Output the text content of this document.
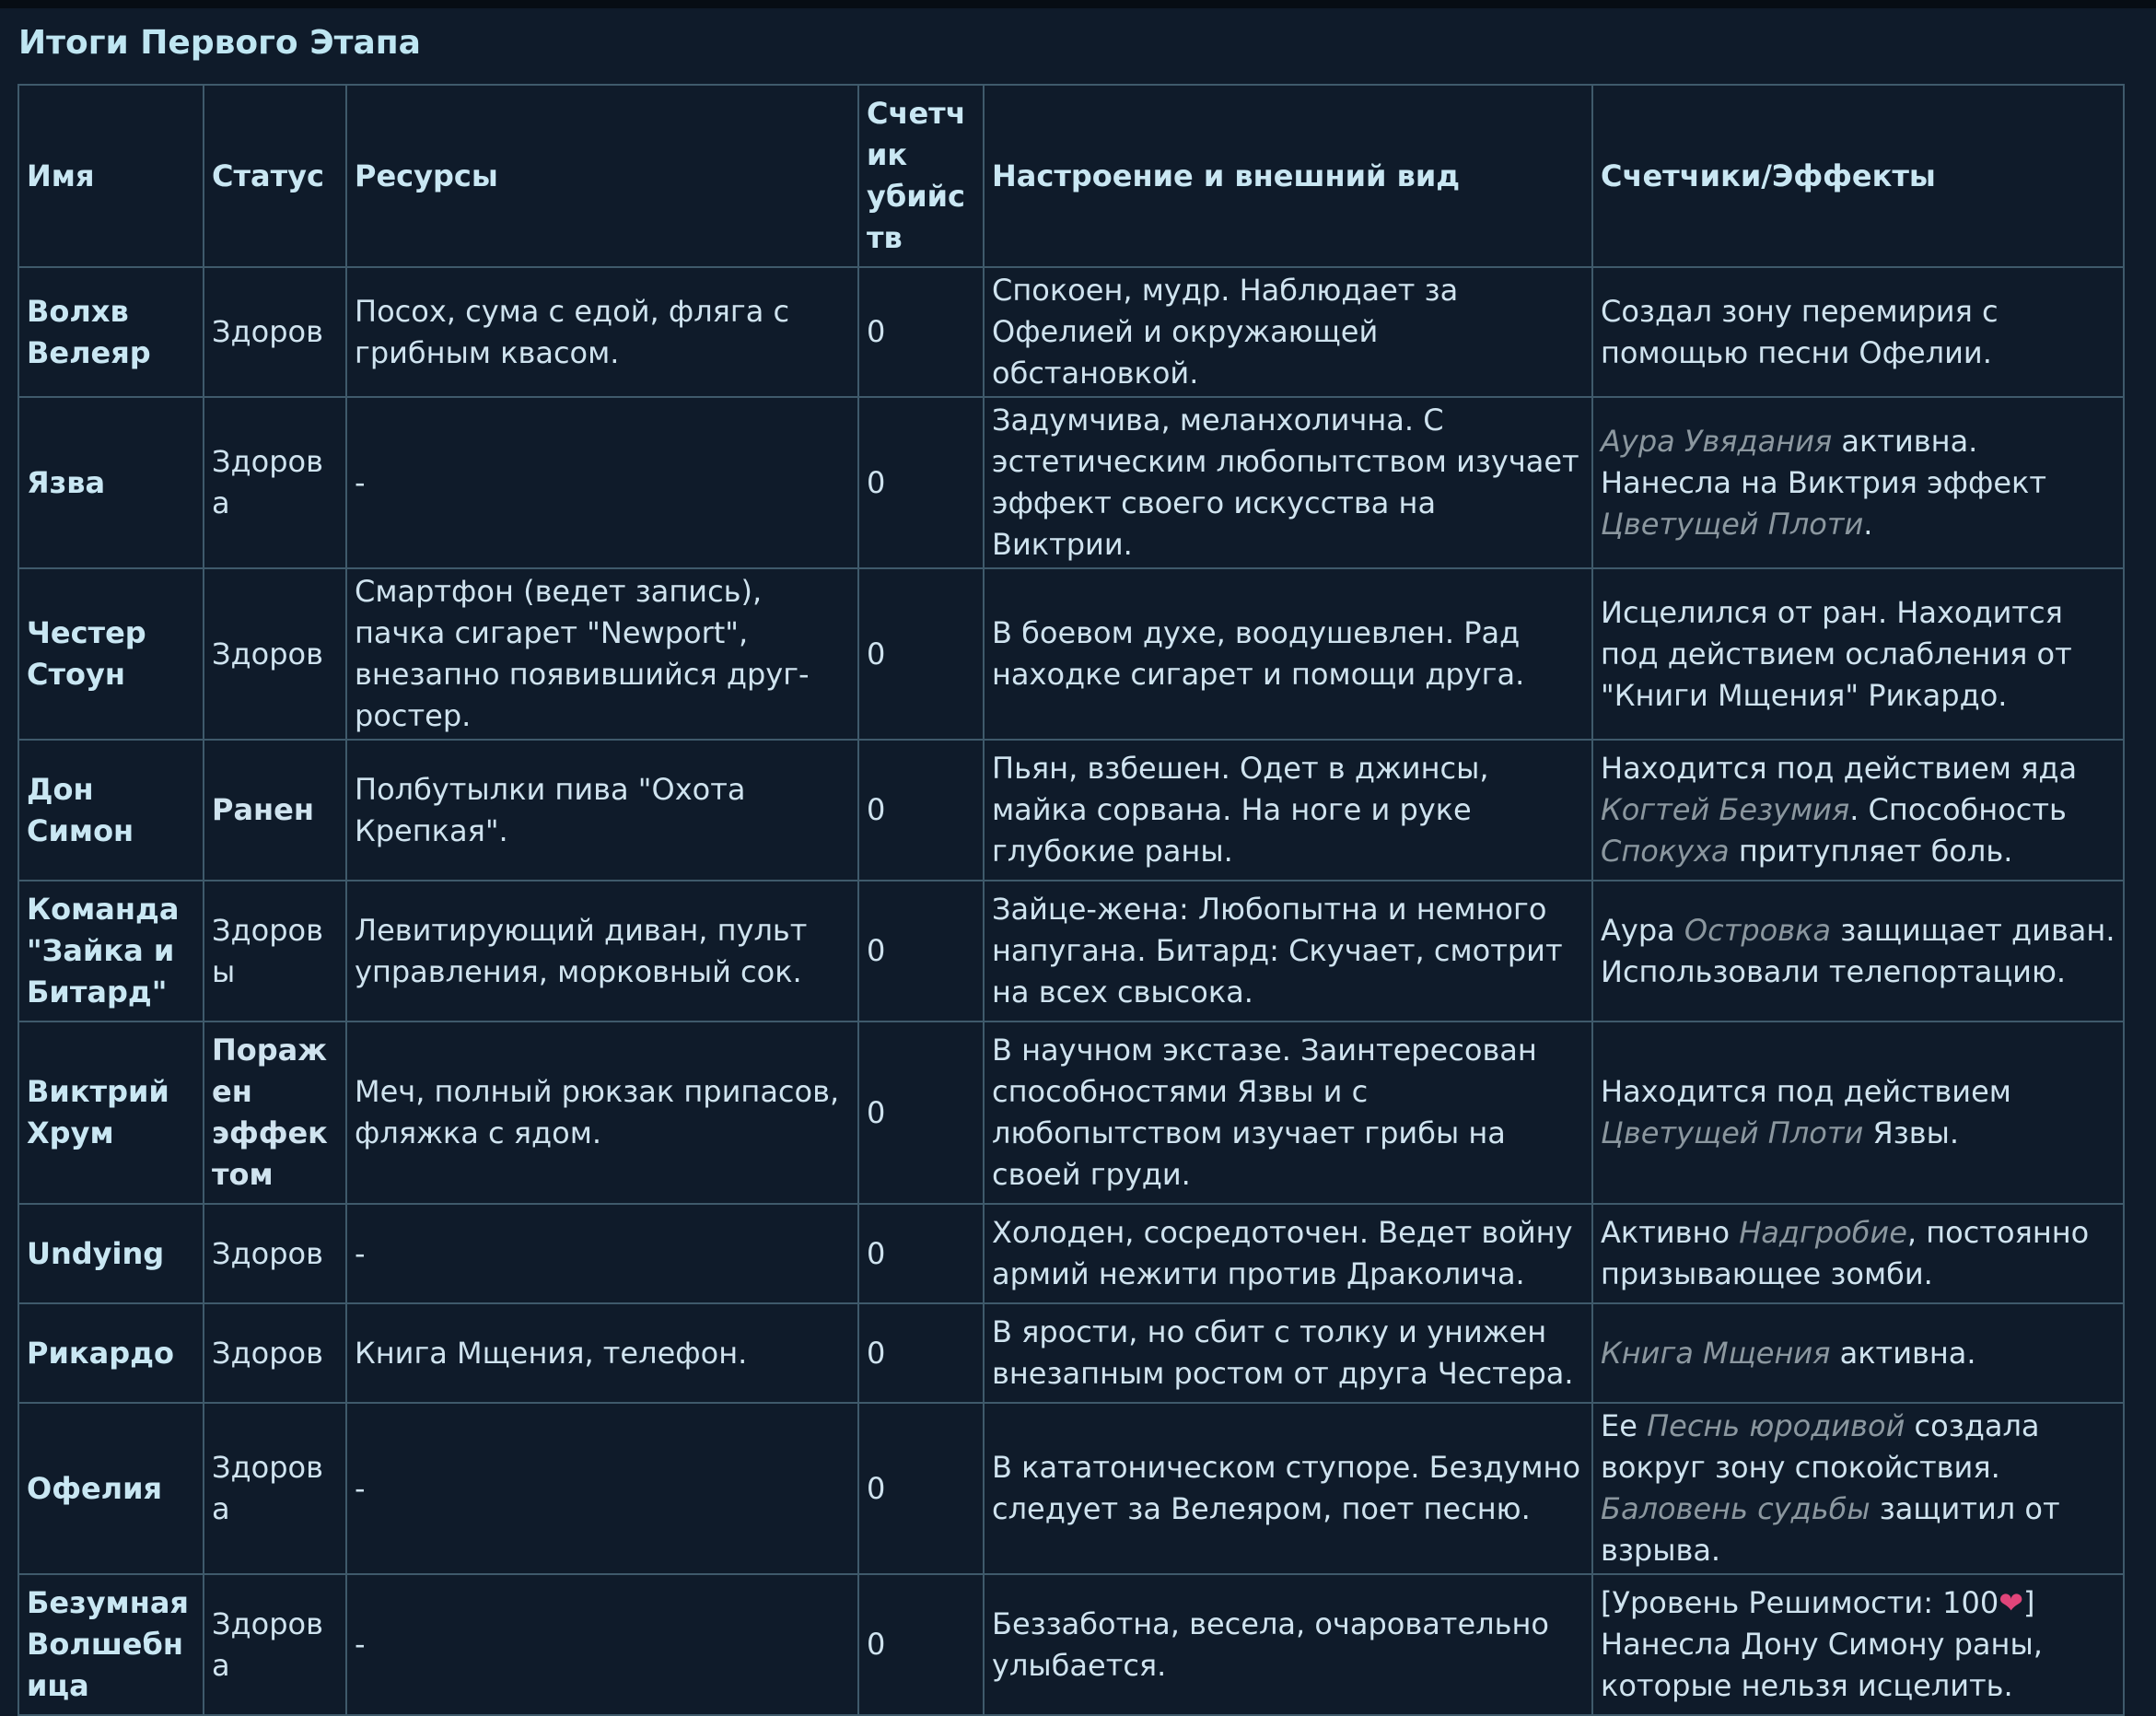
Итоги Первого Этапа
Имя	Статус	Ресурсы	Счетчик убийств	Настроение и внешний вид	Счетчики/Эффекты
Волхв Велеяр	Здоров	Посох, сума с едой, фляга с грибным квасом.	0	Спокоен, мудр. Наблюдает за Офелией и окружающей обстановкой.	Создал зону перемирия с помощью песни Офелии.
Язва	Здорова	-	0	Задумчива, меланхолична. С эстетическим любопытством изучает эффект своего искусства на Виктрии.	Аура Увядания активна. Нанесла на Виктрия эффект Цветущей Плоти.
Честер Стоун	Здоров	Смартфон (ведет запись), пачка сигарет "Newport", внезапно появившийся друг-ростер.	0	В боевом духе, воодушевлен. Рад находке сигарет и помощи друга.	Исцелился от ран. Находится под действием ослабления от "Книги Мщения" Рикардо.
Дон Симон	Ранен	Полбутылки пива "Охота Крепкая".	0	Пьян, взбешен. Одет в джинсы, майка сорвана. На ноге и руке глубокие раны.	Находится под действием яда Когтей Безумия. Способность Спокуха притупляет боль.
Команда "Зайка и Битард"	Здоровы	Левитирующий диван, пульт управления, морковный сок.	0	Зайце-жена: Любопытна и немного напугана. Битард: Скучает, смотрит на всех свысока.	Аура Островка защищает диван. Использовали телепортацию.
Виктрий Хрум	Поражен эффектом	Меч, полный рюкзак припасов, фляжка с ядом.	0	В научном экстазе. Заинтересован способностями Язвы и с любопытством изучает грибы на своей груди.	Находится под действием Цветущей Плоти Язвы.
Undying	Здоров	-	0	Холоден, сосредоточен. Ведет войну армий нежити против Драколича.	Активно Надгробие, постоянно призывающее зомби.
Рикардо	Здоров	Книга Мщения, телефон.	0	В ярости, но сбит с толку и унижен внезапным ростом от друга Честера.	Книга Мщения активна.
Офелия	Здорова	-	0	В кататоническом ступоре. Бездумно следует за Велеяром, поет песню.	Ее Песнь юродивой создала вокруг зону спокойствия. Баловень судьбы защитил от взрыва.
Безумная Волшебница	Здорова	-	0	Беззаботна, весела, очаровательно улыбается.	[Уровень Решимости: 100❤] Нанесла Дону Симону раны, которые нельзя исцелить.
